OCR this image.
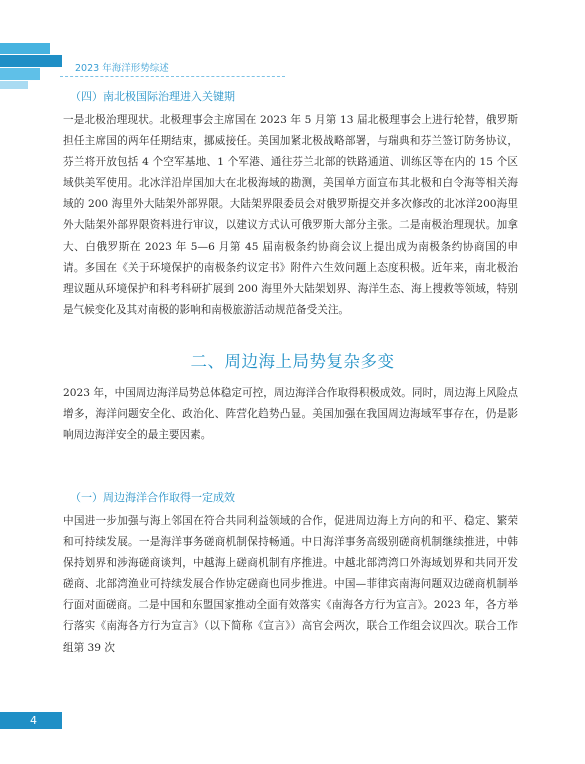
2023 年海洋形势综述
（四）南北极国际治理进入关键期
一是北极治理现状。北极理事会主席国在 2023 年 5 月第 13 届北极理事会上进行轮替，俄罗斯担任主席国的两年任期结束，挪威接任。美国加紧北极战略部署，与瑞典和芬兰签订防务协议，芬兰将开放包括 4 个空军基地、1 个军港、通往芬兰北部的铁路通道、训练区等在内的 15 个区域供美军使用。北冰洋沿岸国加大在北极海域的勘测，美国单方面宣布其北极和白令海等相关海域的 200 海里外大陆架外部界限。大陆架界限委员会对俄罗斯提交并多次修改的北冰洋200海里外大陆架外部界限资料进行审议，以建议方式认可俄罗斯大部分主张。二是南极治理现状。加拿大、白俄罗斯在 2023 年 5—6 月第 45 届南极条约协商会议上提出成为南极条约协商国的申请。多国在《关于环境保护的南极条约议定书》附件六生效问题上态度积极。近年来，南北极治理议题从环境保护和科考科研扩展到 200 海里外大陆架划界、海洋生态、海上搜救等领域，特别是气候变化及其对南极的影响和南极旅游活动规范备受关注。
二、周边海上局势复杂多变
2023 年，中国周边海洋局势总体稳定可控，周边海洋合作取得积极成效。同时，周边海上风险点增多，海洋问题安全化、政治化、阵营化趋势凸显。美国加强在我国周边海域军事存在，仍是影响周边海洋安全的最主要因素。
（一）周边海洋合作取得一定成效
中国进一步加强与海上邻国在符合共同利益领域的合作，促进周边海上方向的和平、稳定、繁荣和可持续发展。一是海洋事务磋商机制保持畅通。中日海洋事务高级别磋商机制继续推进，中韩保持划界和涉海磋商谈判，中越海上磋商机制有序推进。中越北部湾湾口外海域划界和共同开发磋商、北部湾渔业可持续发展合作协定磋商也同步推进。中国—菲律宾南海问题双边磋商机制举行面对面磋商。二是中国和东盟国家推动全面有效落实《南海各方行为宣言》。2023 年，各方举行落实《南海各方行为宣言》（以下简称《宣言》）高官会两次，联合工作组会议四次。联合工作组第 39 次
4
